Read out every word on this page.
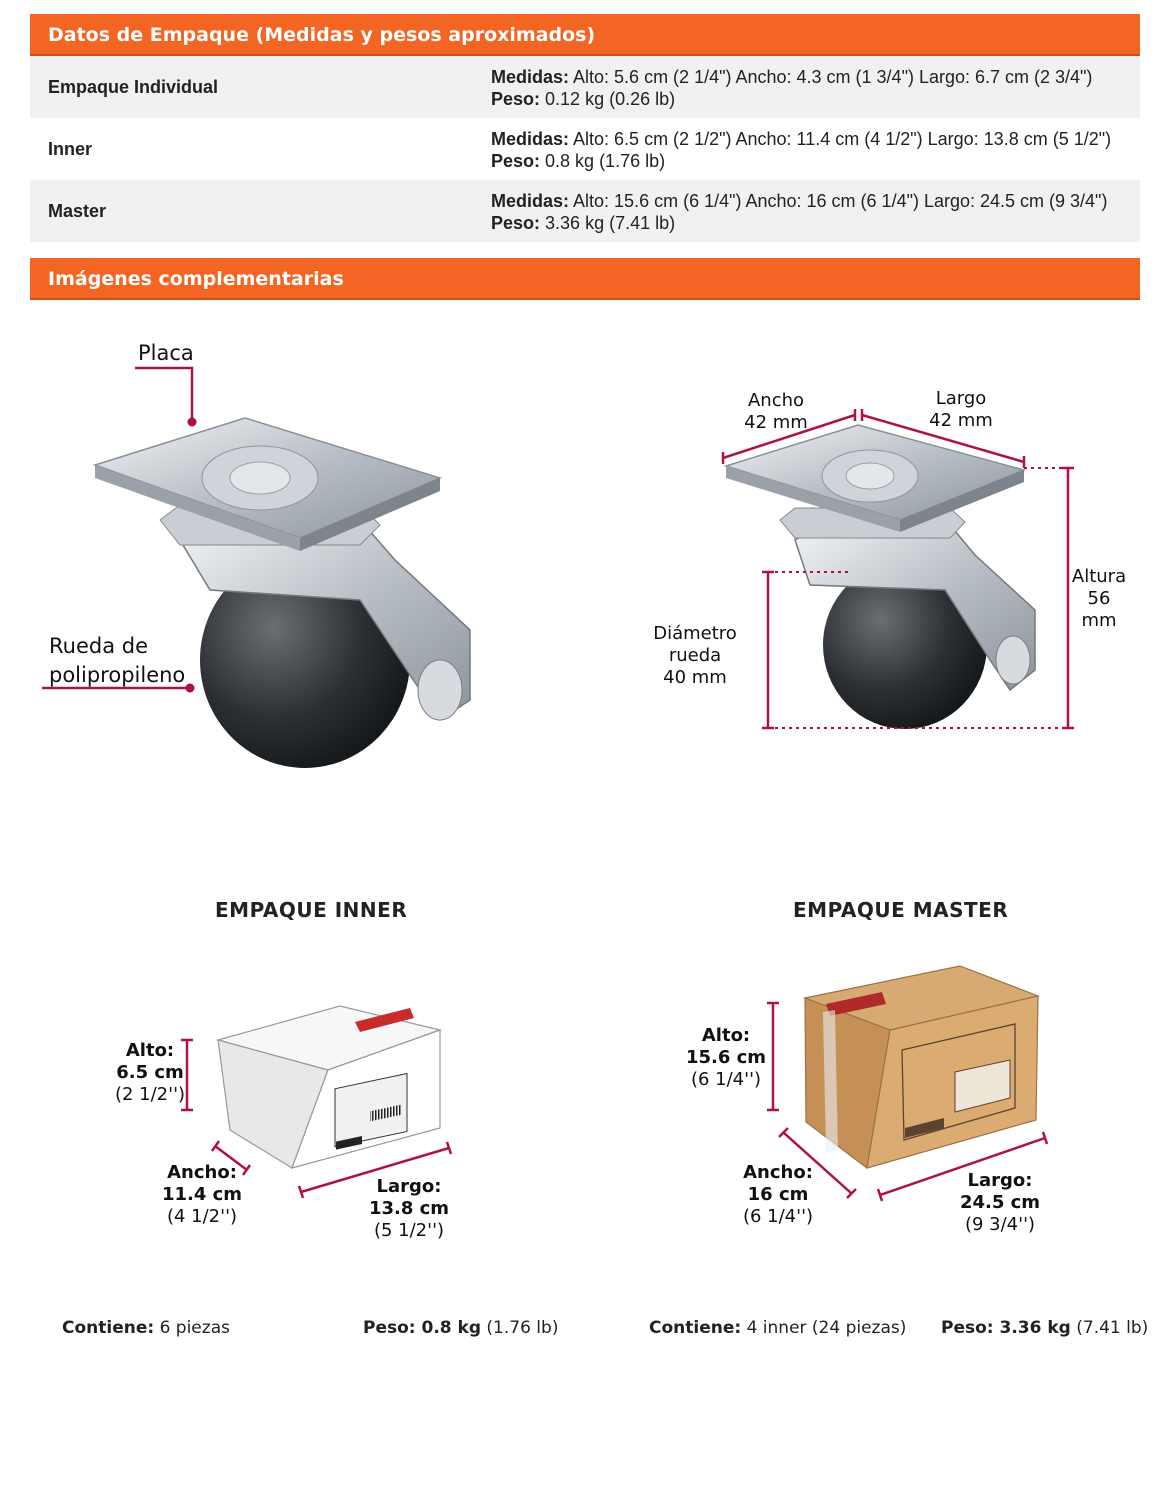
Datos de Empaque (Medidas y pesos aproximados)
Empaque Individual	Medidas: Alto: 5.6 cm (2 1/4") Ancho: 4.3 cm (1 3/4") Largo: 6.7 cm (2 3/4") Peso: 0.12 kg (0.26 lb)
Inner	Medidas: Alto: 6.5 cm (2 1/2") Ancho: 11.4 cm (4 1/2") Largo: 13.8 cm (5 1/2") Peso: 0.8 kg (1.76 lb)
Master	Medidas: Alto: 15.6 cm (6 1/4") Ancho: 16 cm (6 1/4") Largo: 24.5 cm (9 3/4") Peso: 3.36 kg (7.41 lb)
Imágenes complementarias
Placa
Rueda de
polipropileno
Ancho
42 mm
Largo
42 mm
Altura
56 mm
Diámetro rueda
40 mm
EMPAQUE INNER
Alto:
6.5 cm
(2 1/2'')
Ancho:
11.4 cm
(4 1/2'')
Largo:
13.8 cm
(5 1/2'')
EMPAQUE MASTER
Alto:
15.6 cm
(6 1/4'')
Ancho:
16 cm
(6 1/4'')
Largo:
24.5 cm
(9 3/4'')
Contiene: 6 piezas	Peso: 0.8 kg (1.76 lb)	Contiene: 4 inner (24 piezas) Peso: 3.36 kg (7.41 lb)
